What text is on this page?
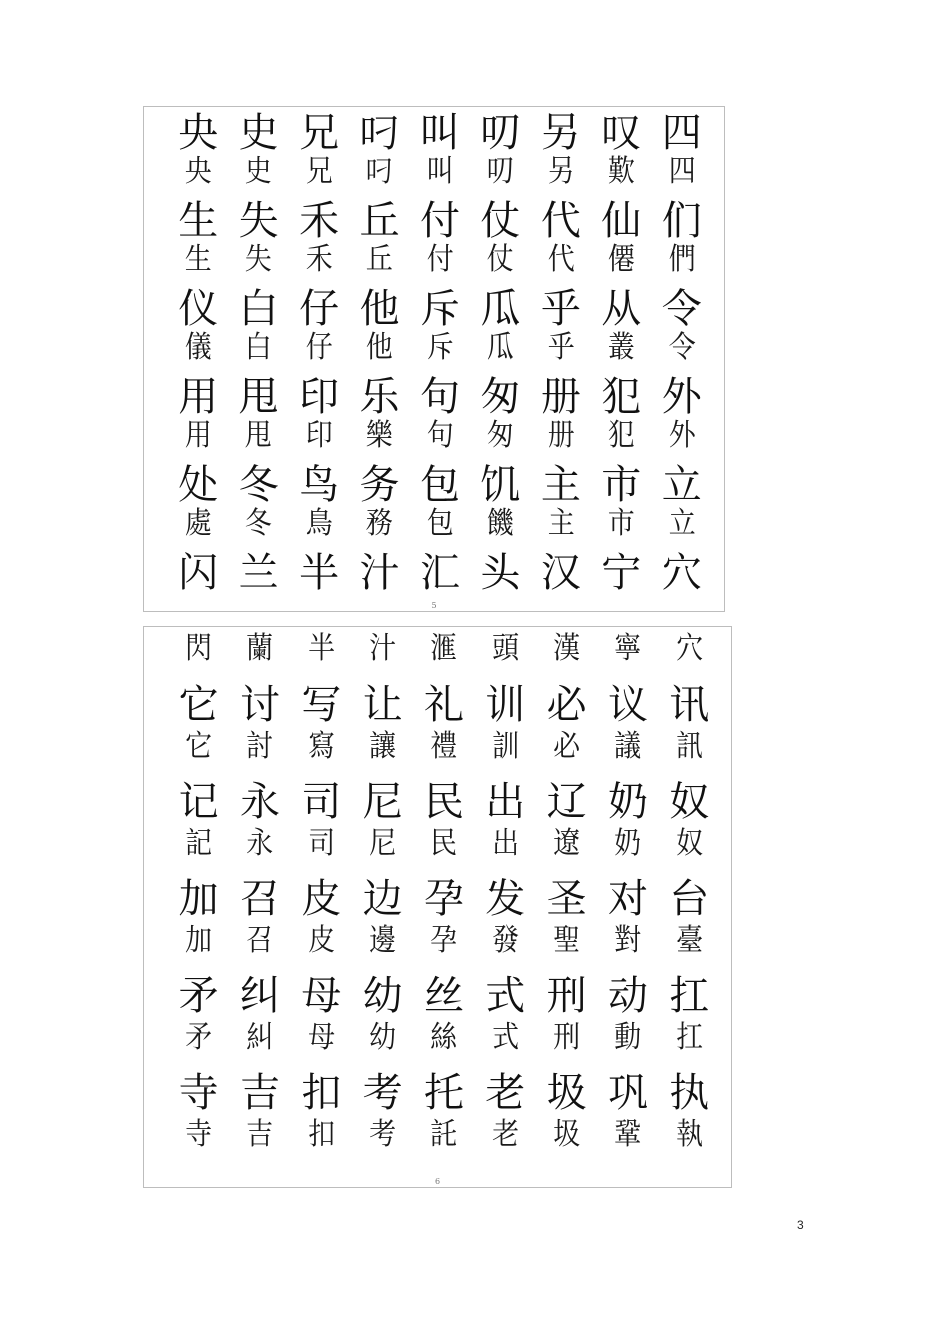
5
央 史 兄 叼 叫 叨 另 叹 四
央	史	兄	叼	叫	叨	另	歎	四
生 失 禾 丘 付 仗 代 仙 们
生	失	禾	丘	付	仗	代	僊	們
仪 白 仔 他 斥 瓜 乎 从 令
儀	白	仔	他	斥	瓜	乎	叢	令
用 甩 印 乐 句 匆 册 犯 外
用	甩	印	樂	句	匆	册	犯	外
处 冬 鸟 务 包 饥 主 市 立
處	冬	鳥	務	包	饑	主	市	立
闪 兰 半 汁 汇 头 汉 宁 穴
6
閃	蘭	半	汁	滙	頭	漢	寧	穴
它 讨 写 让 礼 训 必 议 讯
它	討	寫	讓	禮	訓	必	議	訊
记 永 司 尼 民 出 辽 奶 奴
記	永	司	尼	民	出	遼	奶	奴
加 召 皮 边 孕 发 圣 对 台
加	召	皮	邊	孕	發	聖	對	臺
矛 纠 母 幼 丝 式 刑 动 扛
矛	糾	母	幼	絲	式	刑	動	扛
寺 吉 扣 考 托 老 圾 巩 执
寺	吉	扣	考	託	老	圾	鞏	執
3
